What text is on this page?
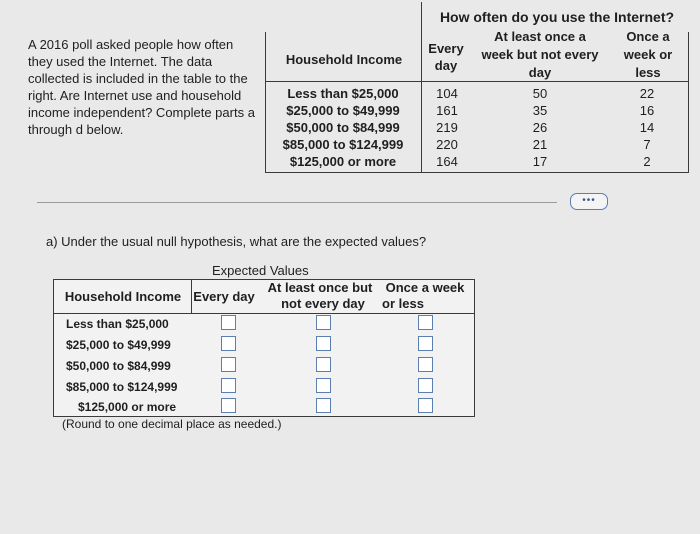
A 2016 poll asked people how often they used the Internet. The data collected is included in the table to the right. Are Internet use and household income independent? Complete parts a through d below.
How often do you use the Internet?
Household Income
Every
day
At least once a
week but not every
day
Once a
week or
less
Less than $25,000	104	50	22
$25,000 to $49,999	161	35	16
$50,000 to $84,999	219	26	14
$85,000 to $124,999	220	21	7
$125,000 or more	164	17	2
•••
a) Under the usual null hypothesis, what are the expected values?
Expected Values
Household Income Every day
At least once but
not every day
Once a week
or less
Less than $25,000
$25,000 to $49,999
$50,000 to $84,999
$85,000 to $124,999
$125,000 or more
(Round to one decimal place as needed.)
